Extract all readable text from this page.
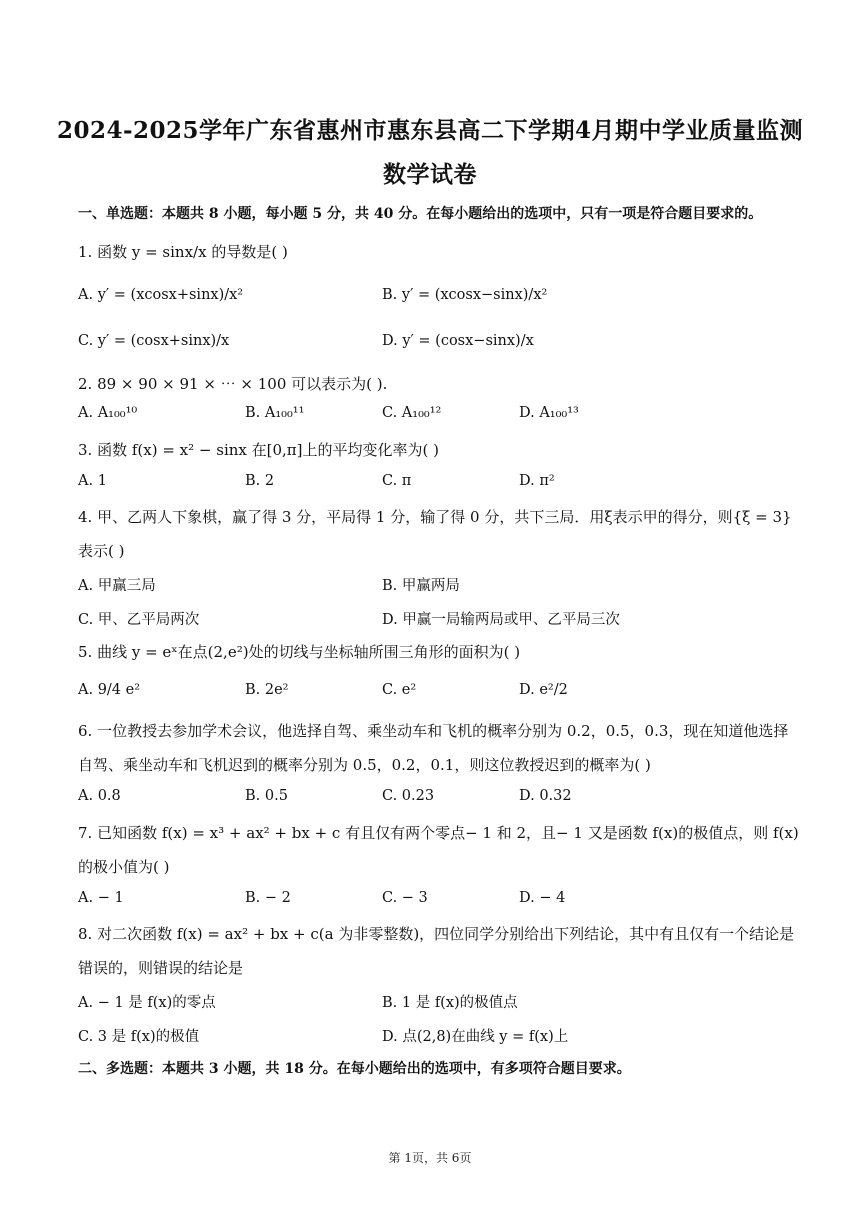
2024-2025学年广东省惠州市惠东县高二下学期4月期中学业质量监测
数学试卷
一、单选题：本题共 8 小题，每小题 5 分，共 40 分。在每小题给出的选项中，只有一项是符合题目要求的。
1. 函数 y = sinx/x 的导数是( )
A. y′ = (xcosx+sinx)/x²	B. y′ = (xcosx−sinx)/x²
C. y′ = (cosx+sinx)/x	D. y′ = (cosx−sinx)/x
2. 89 × 90 × 91 × ⋯ × 100 可以表示为( ).
A. A₁₀₀¹⁰	B. A₁₀₀¹¹	C. A₁₀₀¹²	D. A₁₀₀¹³
3. 函数 f(x) = x² − sinx 在[0,π]上的平均变化率为( )
A. 1	B. 2	C. π	D. π²
4. 甲、乙两人下象棋，赢了得 3 分，平局得 1 分，输了得 0 分，共下三局．用ξ表示甲的得分，则{ξ = 3}
表示( )
A. 甲赢三局	B. 甲赢两局
C. 甲、乙平局两次	D. 甲赢一局输两局或甲、乙平局三次
5. 曲线 y = eˣ在点(2,e²)处的切线与坐标轴所围三角形的面积为( )
A. 9/4 e²	B. 2e²	C. e²	D. e²/2
6. 一位教授去参加学术会议，他选择自驾、乘坐动车和飞机的概率分别为 0.2，0.5，0.3，现在知道他选择
自驾、乘坐动车和飞机迟到的概率分别为 0.5，0.2，0.1，则这位教授迟到的概率为( )
A. 0.8	B. 0.5	C. 0.23	D. 0.32
7. 已知函数 f(x) = x³ + ax² + bx + c 有且仅有两个零点− 1 和 2，且− 1 又是函数 f(x)的极值点，则 f(x)
的极小值为( )
A. − 1	B. − 2	C. − 3	D. − 4
8. 对二次函数 f(x) = ax² + bx + c(a 为非零整数)，四位同学分别给出下列结论，其中有且仅有一个结论是
错误的，则错误的结论是
A. − 1 是 f(x)的零点	B. 1 是 f(x)的极值点
C. 3 是 f(x)的极值	D. 点(2,8)在曲线 y = f(x)上
二、多选题：本题共 3 小题，共 18 分。在每小题给出的选项中，有多项符合题目要求。
第 1页，共 6页
